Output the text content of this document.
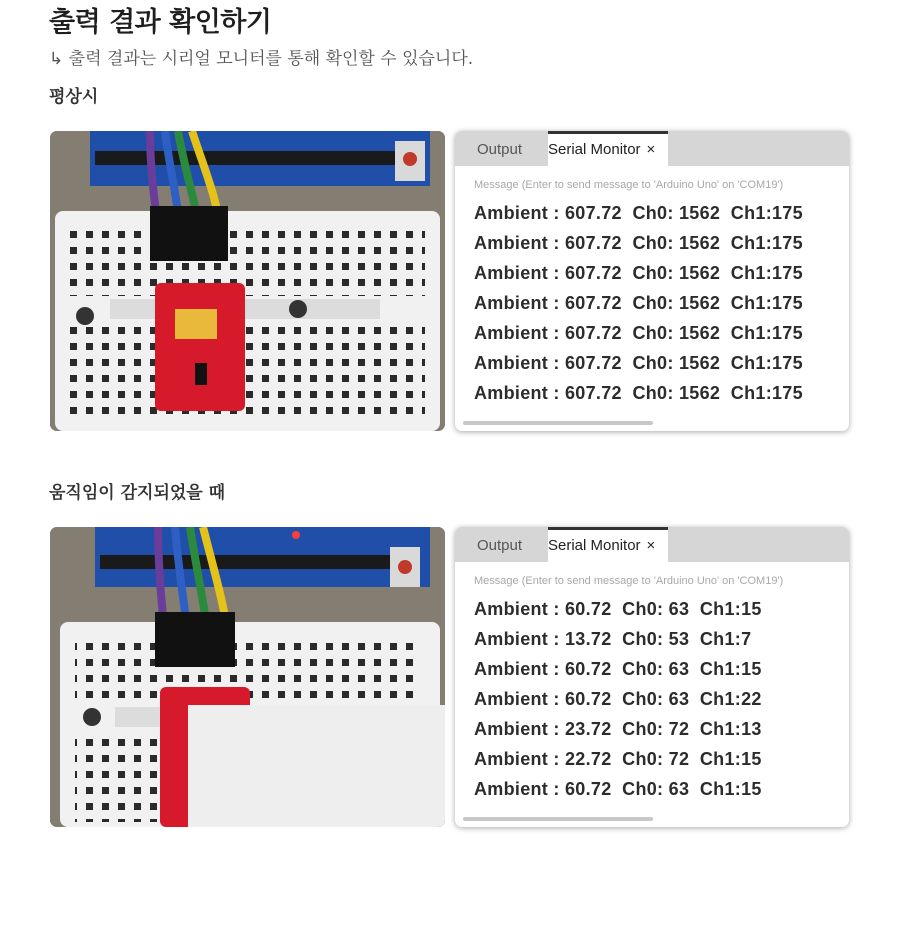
출력 결과 확인하기
↳ 출력 결과는 시리얼 모니터를 통해 확인할 수 있습니다.
평상시
Output Serial Monitor ×
Message (Enter to send message to 'Arduino Uno' on 'COM19')
Ambient : 607.72  Ch0: 1562  Ch1:175
Ambient : 607.72  Ch0: 1562  Ch1:175
Ambient : 607.72  Ch0: 1562  Ch1:175
Ambient : 607.72  Ch0: 1562  Ch1:175
Ambient : 607.72  Ch0: 1562  Ch1:175
Ambient : 607.72  Ch0: 1562  Ch1:175
Ambient : 607.72  Ch0: 1562  Ch1:175
움직임이 감지되었을 때
Output Serial Monitor ×
Message (Enter to send message to 'Arduino Uno' on 'COM19')
Ambient : 60.72  Ch0: 63  Ch1:15
Ambient : 13.72  Ch0: 53  Ch1:7
Ambient : 60.72  Ch0: 63  Ch1:15
Ambient : 60.72  Ch0: 63  Ch1:22
Ambient : 23.72  Ch0: 72  Ch1:13
Ambient : 22.72  Ch0: 72  Ch1:15
Ambient : 60.72  Ch0: 63  Ch1:15
